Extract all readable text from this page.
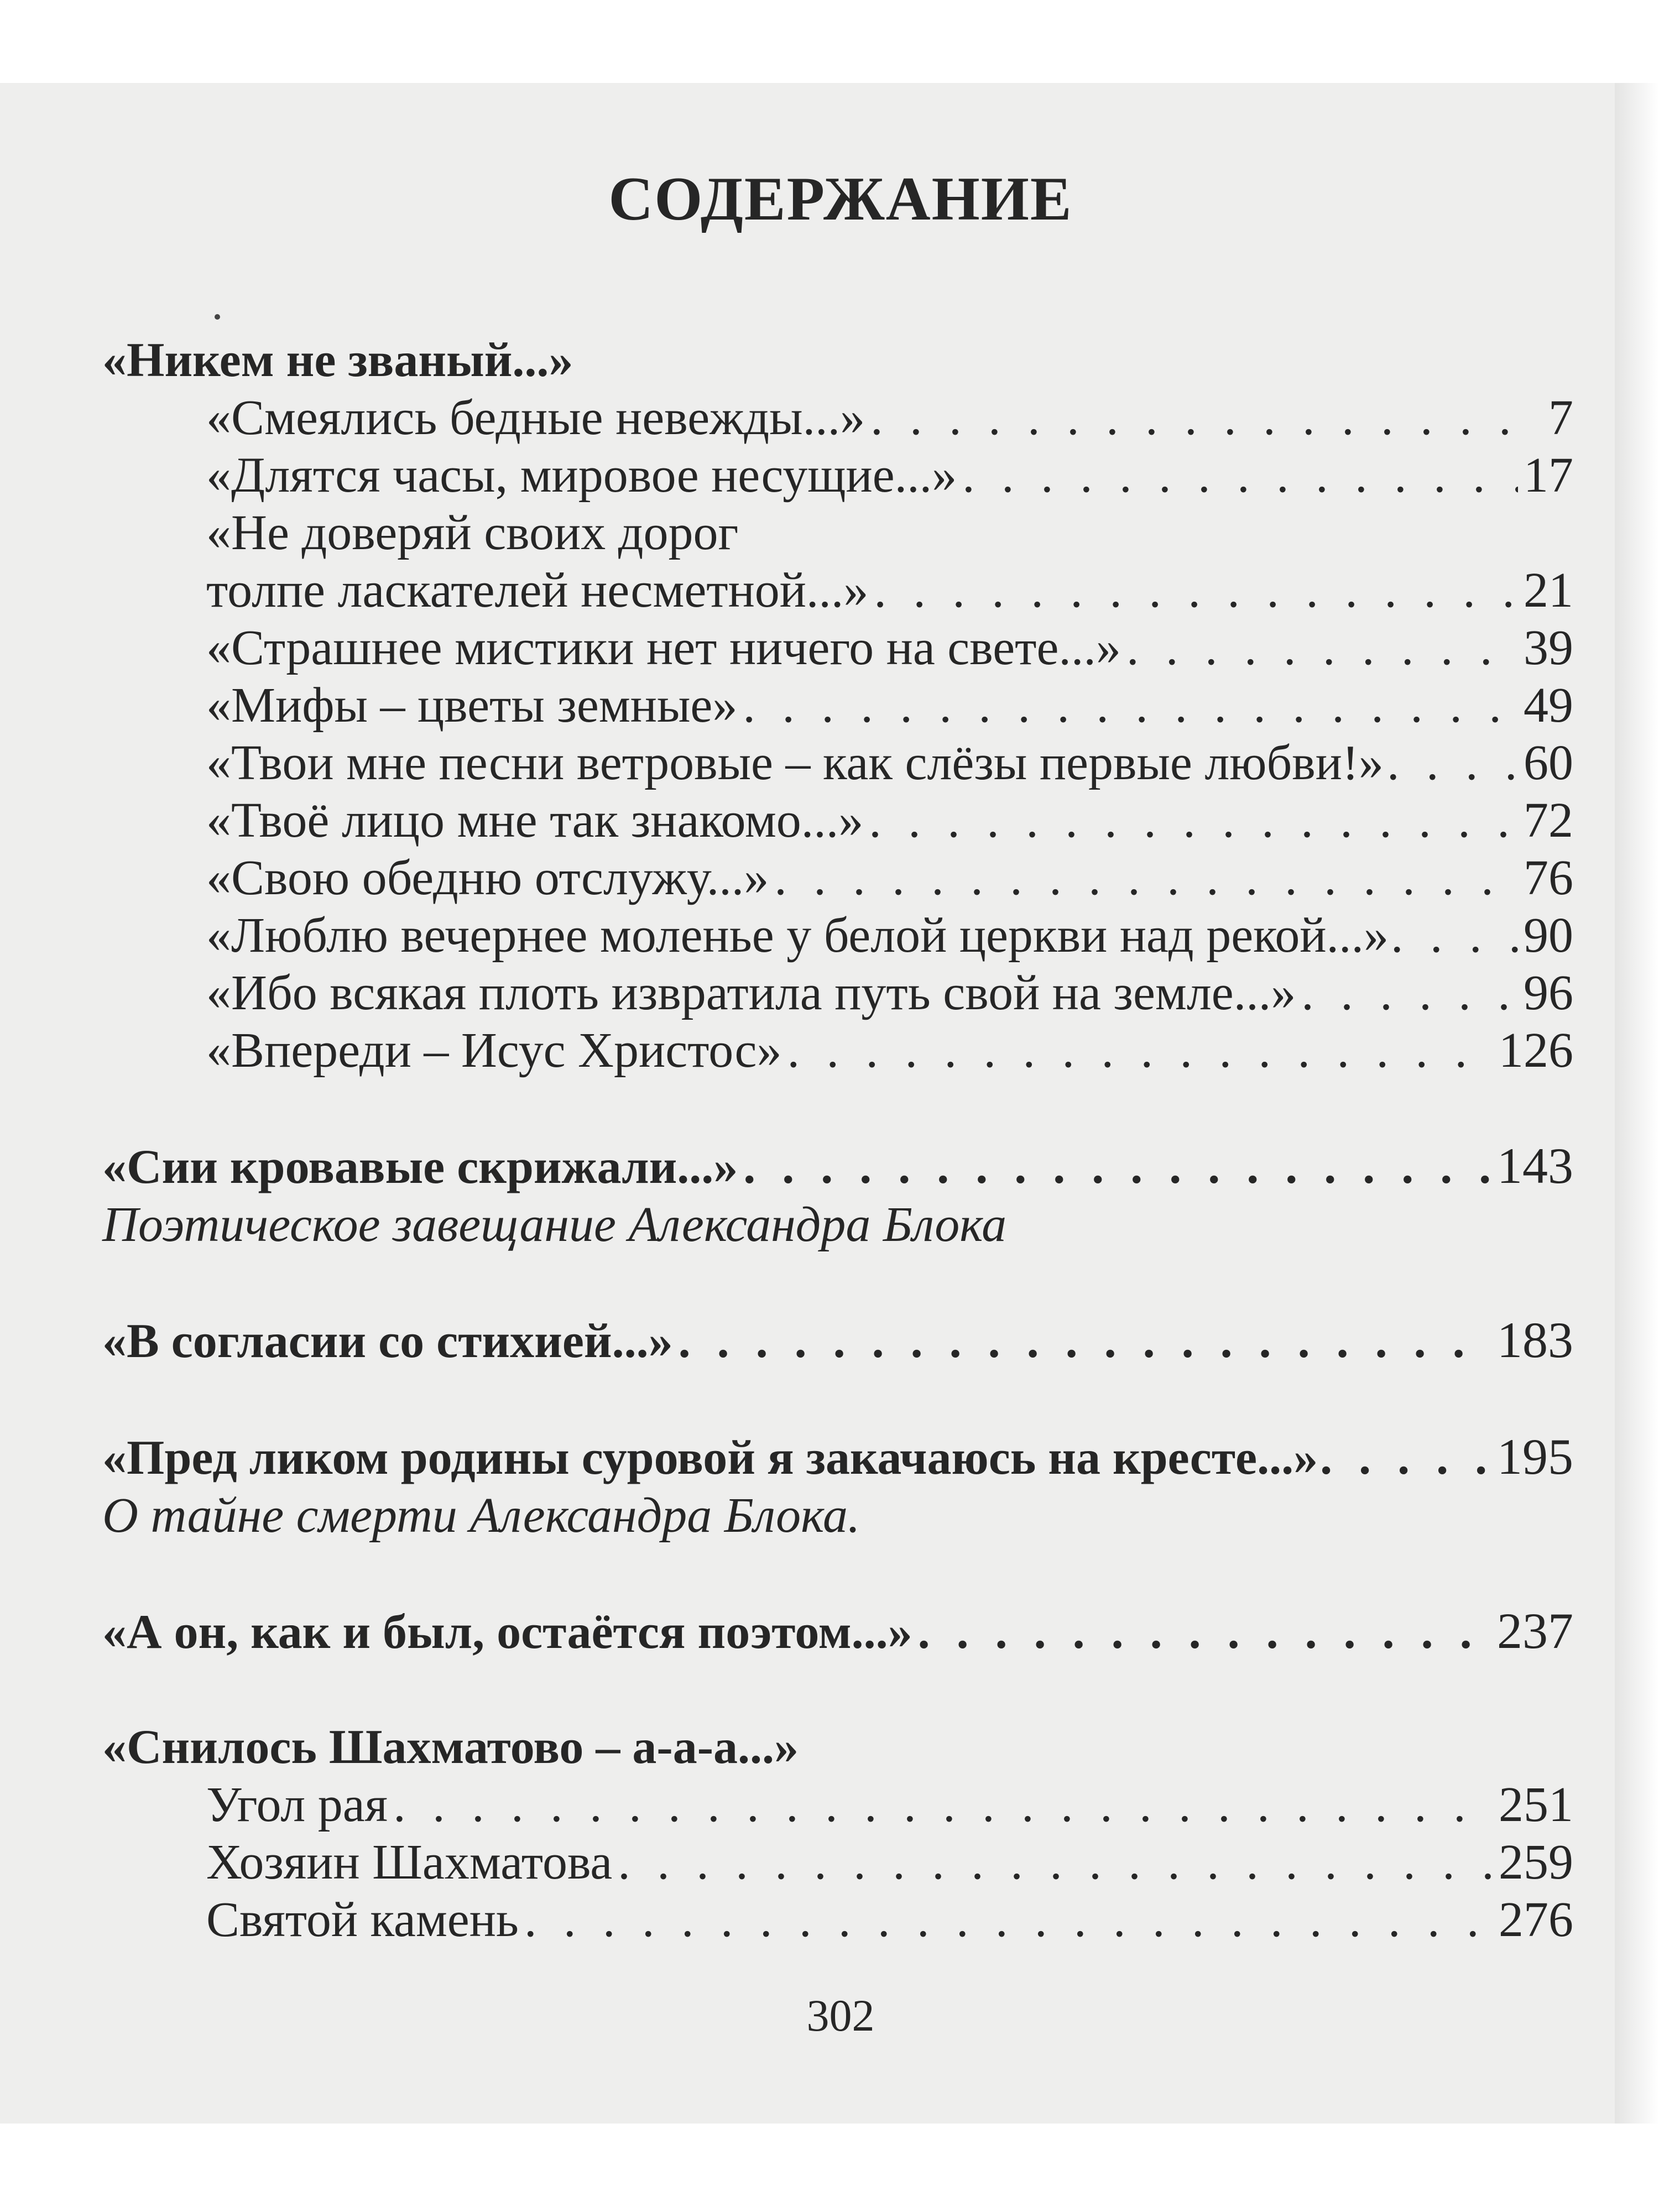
СОДЕРЖАНИЕ
«Никем не званый...»
«Смеялись бедные невежды...» . . .	7
«Длятся часы, мировое несущие...» . . .	17
«Не доверяй своих дорог
толпе ласкателей несметной...» . . .	21
«Страшнее мистики нет ничего на свете...» . . .	39
«Мифы – цветы земные» . . .	49
«Твои мне песни ветровые – как слёзы первые любви!» . . .	60
«Твоё лицо мне так знакомо...» . . .	72
«Свою обедню отслужу...» . . .	76
«Люблю вечернее моленье у белой церкви над рекой...» . . .	90
«Ибо всякая плоть извратила путь свой на земле...» . . .	96
«Впереди – Исус Христос» . . .	126
«Сии кровавые скрижали...» . . .	143
Поэтическое завещание Александра Блока
«В согласии со стихией...» . . .	183
«Пред ликом родины суровой я закачаюсь на кресте...» . . .	195
О тайне смерти Александра Блока.
«А он, как и был, остаётся поэтом...» . . .	237
«Снилось Шахматово – а-а-а...»
Угол рая . . .	251
Хозяин Шахматова . . .	259
Святой камень . . .	276
302
